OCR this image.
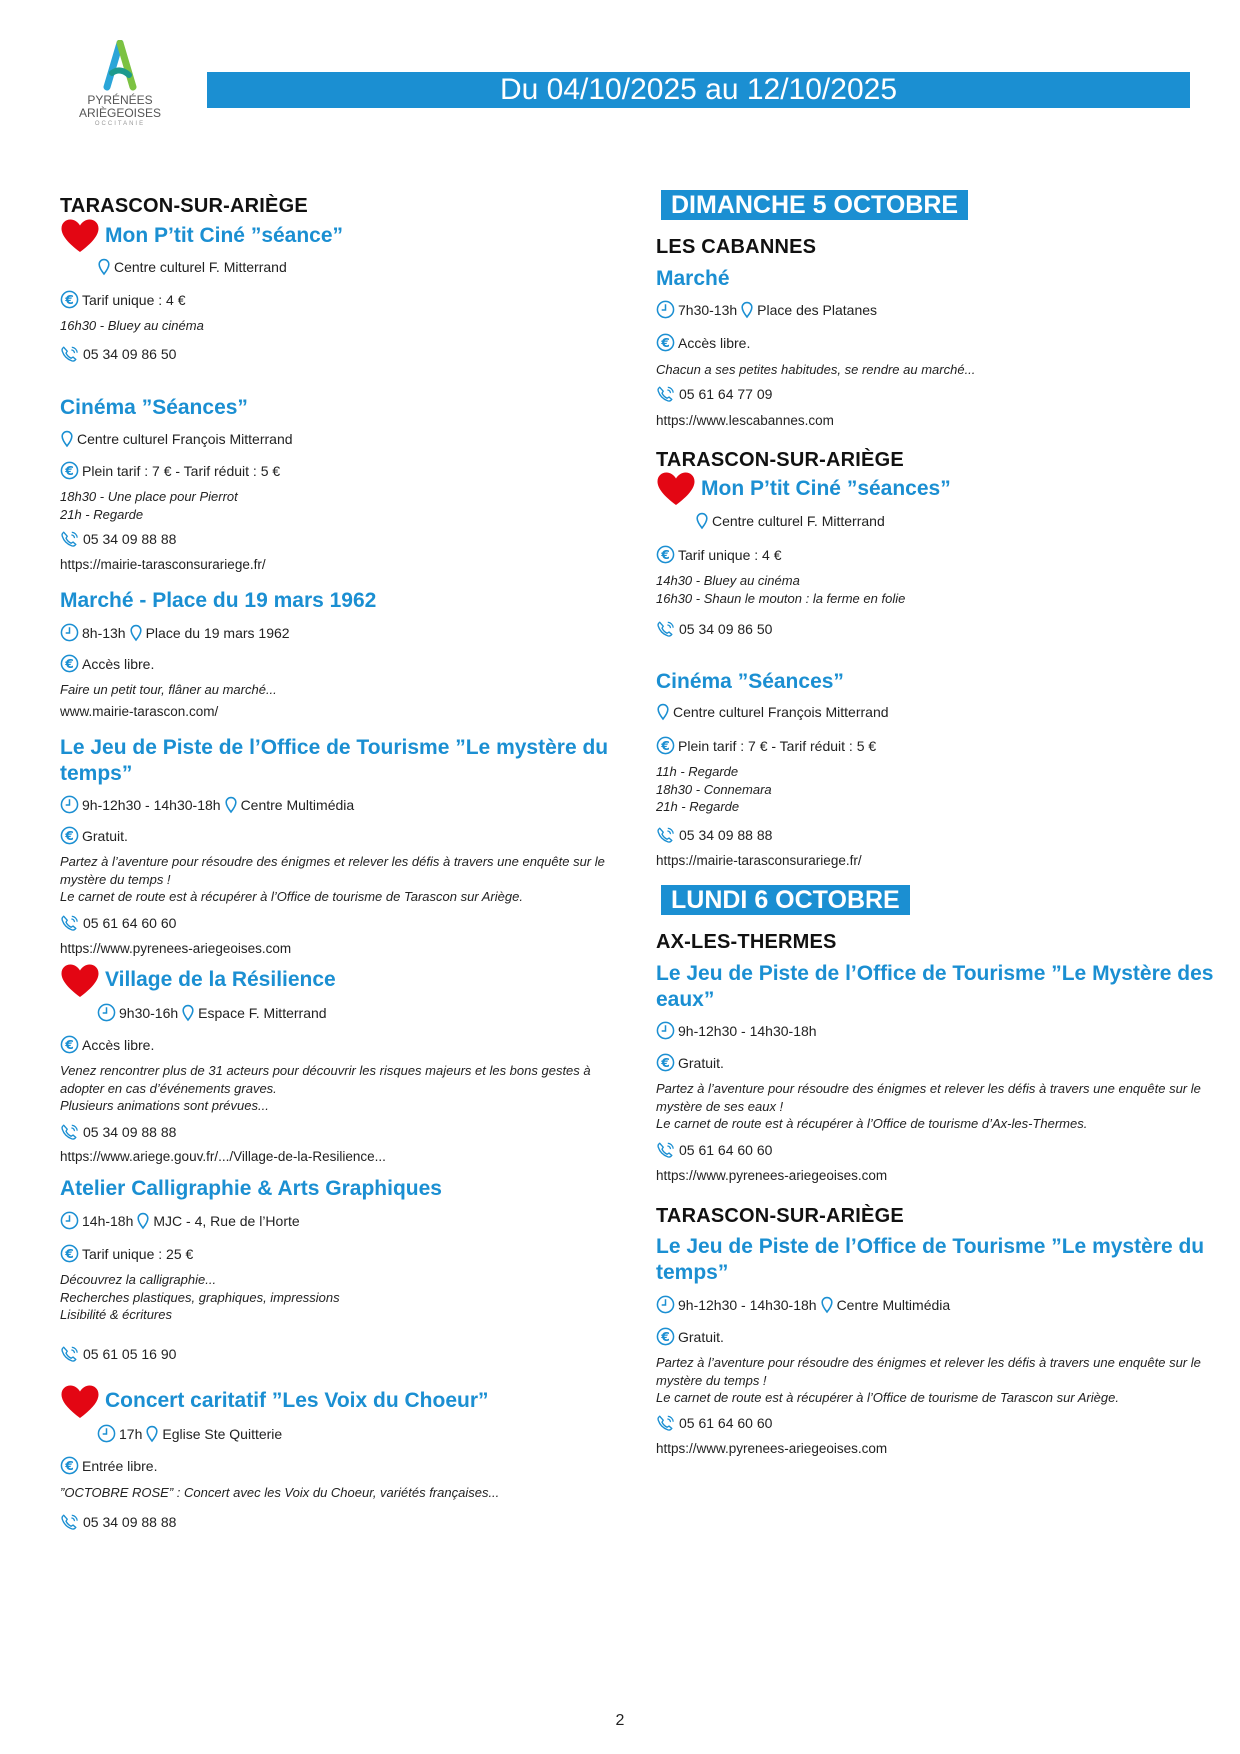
PYRÉNÉES
ARIÈGEOISES
OCCITANIE
Du 04/10/2025 au 12/10/2025
TARASCON-SUR-ARIÈGE
Mon P’tit Ciné ”séance”
Centre culturel F. Mitterrand
Tarif unique : 4 €
16h30 - Bluey au cinéma
05 34 09 86 50
Cinéma ”Séances”
Centre culturel François Mitterrand
Plein tarif : 7 € - Tarif réduit : 5 €
18h30 - Une place pour Pierrot
21h - Regarde
05 34 09 88 88
https://mairie-tarasconsurariege.fr/
Marché - Place du 19 mars 1962
8h-13h Place du 19 mars 1962
Accès libre.
Faire un petit tour, flâner au marché...
www.mairie-tarascon.com/
Le Jeu de Piste de l’Office de Tourisme ”Le mystère du temps”
9h-12h30 - 14h30-18h Centre Multimédia
Gratuit.
Partez à l’aventure pour résoudre des énigmes et relever les défis à travers une enquête sur le mystère du temps !
Le carnet de route est à récupérer à l’Office de tourisme de Tarascon sur Ariège.
05 61 64 60 60
https://www.pyrenees-ariegeoises.com
Village de la Résilience
9h30-16h Espace F. Mitterrand
Accès libre.
Venez rencontrer plus de 31 acteurs pour découvrir les risques majeurs et les bons gestes à adopter en cas d’événements graves.
Plusieurs animations sont prévues...
05 34 09 88 88
https://www.ariege.gouv.fr/.../Village-de-la-Resilience...
Atelier Calligraphie & Arts Graphiques
14h-18h MJC - 4, Rue de l’Horte
Tarif unique : 25 €
Découvrez la calligraphie...
Recherches plastiques, graphiques, impressions
Lisibilité & écritures
05 61 05 16 90
Concert caritatif ”Les Voix du Choeur”
17h Eglise Ste Quitterie
Entrée libre.
”OCTOBRE ROSE” : Concert avec les Voix du Choeur, variétés françaises...
05 34 09 88 88
DIMANCHE 5 OCTOBRE
LES CABANNES
Marché
7h30-13h Place des Platanes
Accès libre.
Chacun a ses petites habitudes, se rendre au marché...
05 61 64 77 09
https://www.lescabannes.com
TARASCON-SUR-ARIÈGE
Mon P’tit Ciné ”séances”
Centre culturel F. Mitterrand
Tarif unique : 4 €
14h30 - Bluey au cinéma
16h30 - Shaun le mouton : la ferme en folie
05 34 09 86 50
Cinéma ”Séances”
Centre culturel François Mitterrand
Plein tarif : 7 € - Tarif réduit : 5 €
11h - Regarde
18h30 - Connemara
21h - Regarde
05 34 09 88 88
https://mairie-tarasconsurariege.fr/
LUNDI 6 OCTOBRE
AX-LES-THERMES
Le Jeu de Piste de l’Office de Tourisme ”Le Mystère des eaux”
9h-12h30 - 14h30-18h
Gratuit.
Partez à l’aventure pour résoudre des énigmes et relever les défis à travers une enquête sur le mystère de ses eaux !
Le carnet de route est à récupérer à l’Office de tourisme d’Ax-les-Thermes.
05 61 64 60 60
https://www.pyrenees-ariegeoises.com
TARASCON-SUR-ARIÈGE
Le Jeu de Piste de l’Office de Tourisme ”Le mystère du temps”
9h-12h30 - 14h30-18h Centre Multimédia
Gratuit.
Partez à l’aventure pour résoudre des énigmes et relever les défis à travers une enquête sur le mystère du temps !
Le carnet de route est à récupérer à l’Office de tourisme de Tarascon sur Ariège.
05 61 64 60 60
https://www.pyrenees-ariegeoises.com
2
